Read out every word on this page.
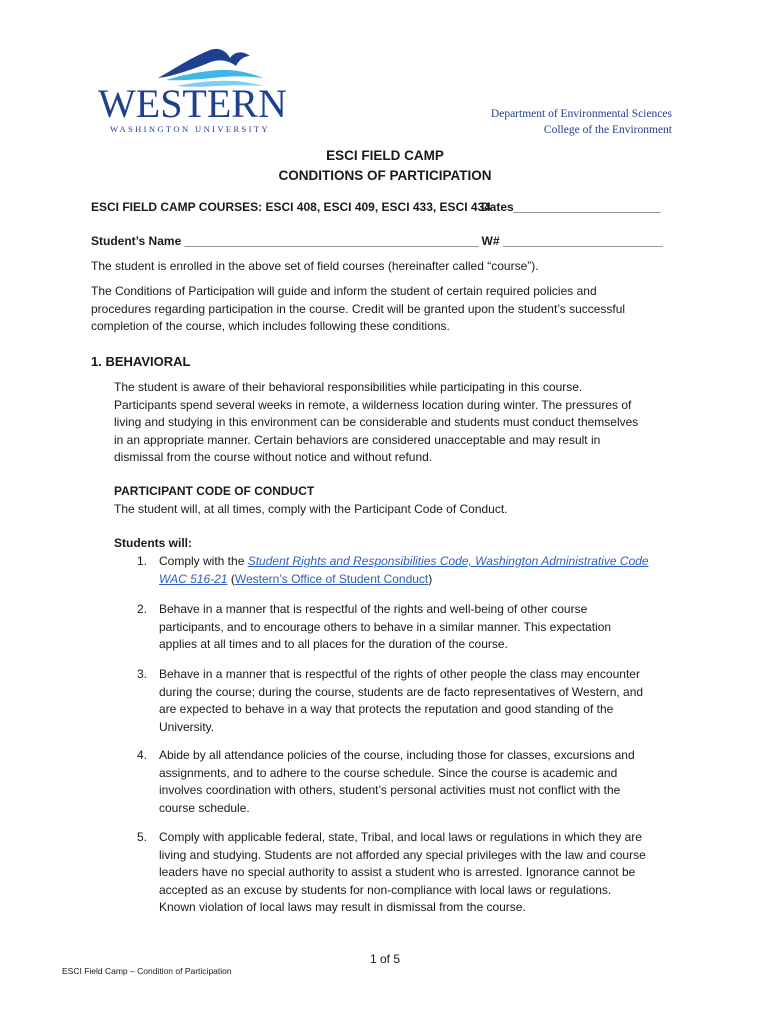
WESTERN
WASHINGTON UNIVERSITY
Department of Environmental Sciences
College of the Environment
ESCI FIELD CAMP
CONDITIONS OF PARTICIPATION
ESCI FIELD CAMP COURSES: ESCI 408, ESCI 409, ESCI 433, ESCI 434
Dates______________________
Student’s Name ____________________________________________ W# ________________________
The student is enrolled in the above set of field courses (hereinafter called “course”).
The Conditions of Participation will guide and inform the student of certain required policies and
procedures regarding participation in the course. Credit will be granted upon the student’s successful
completion of the course, which includes following these conditions.
1. BEHAVIORAL
The student is aware of their behavioral responsibilities while participating in this course.
Participants spend several weeks in remote, a wilderness location during winter. The pressures of
living and studying in this environment can be considerable and students must conduct themselves
in an appropriate manner. Certain behaviors are considered unacceptable and may result in
dismissal from the course without notice and without refund.
PARTICIPANT CODE OF CONDUCT
The student will, at all times, comply with the Participant Code of Conduct.
Students will:
1. Comply with the Student Rights and Responsibilities Code, Washington Administrative Code
WAC 516-21 (Western’s Office of Student Conduct)
2. Behave in a manner that is respectful of the rights and well-being of other course
participants, and to encourage others to behave in a similar manner. This expectation
applies at all times and to all places for the duration of the course.
3. Behave in a manner that is respectful of the rights of other people the class may encounter
during the course; during the course, students are de facto representatives of Western, and
are expected to behave in a way that protects the reputation and good standing of the
University.
4. Abide by all attendance policies of the course, including those for classes, excursions and
assignments, and to adhere to the course schedule. Since the course is academic and
involves coordination with others, student’s personal activities must not conflict with the
course schedule.
5. Comply with applicable federal, state, Tribal, and local laws or regulations in which they are
living and studying. Students are not afforded any special privileges with the law and course
leaders have no special authority to assist a student who is arrested. Ignorance cannot be
accepted as an excuse by students for non-compliance with local laws or regulations.
Known violation of local laws may result in dismissal from the course.
1 of 5
ESCI Field Camp – Condition of Participation
